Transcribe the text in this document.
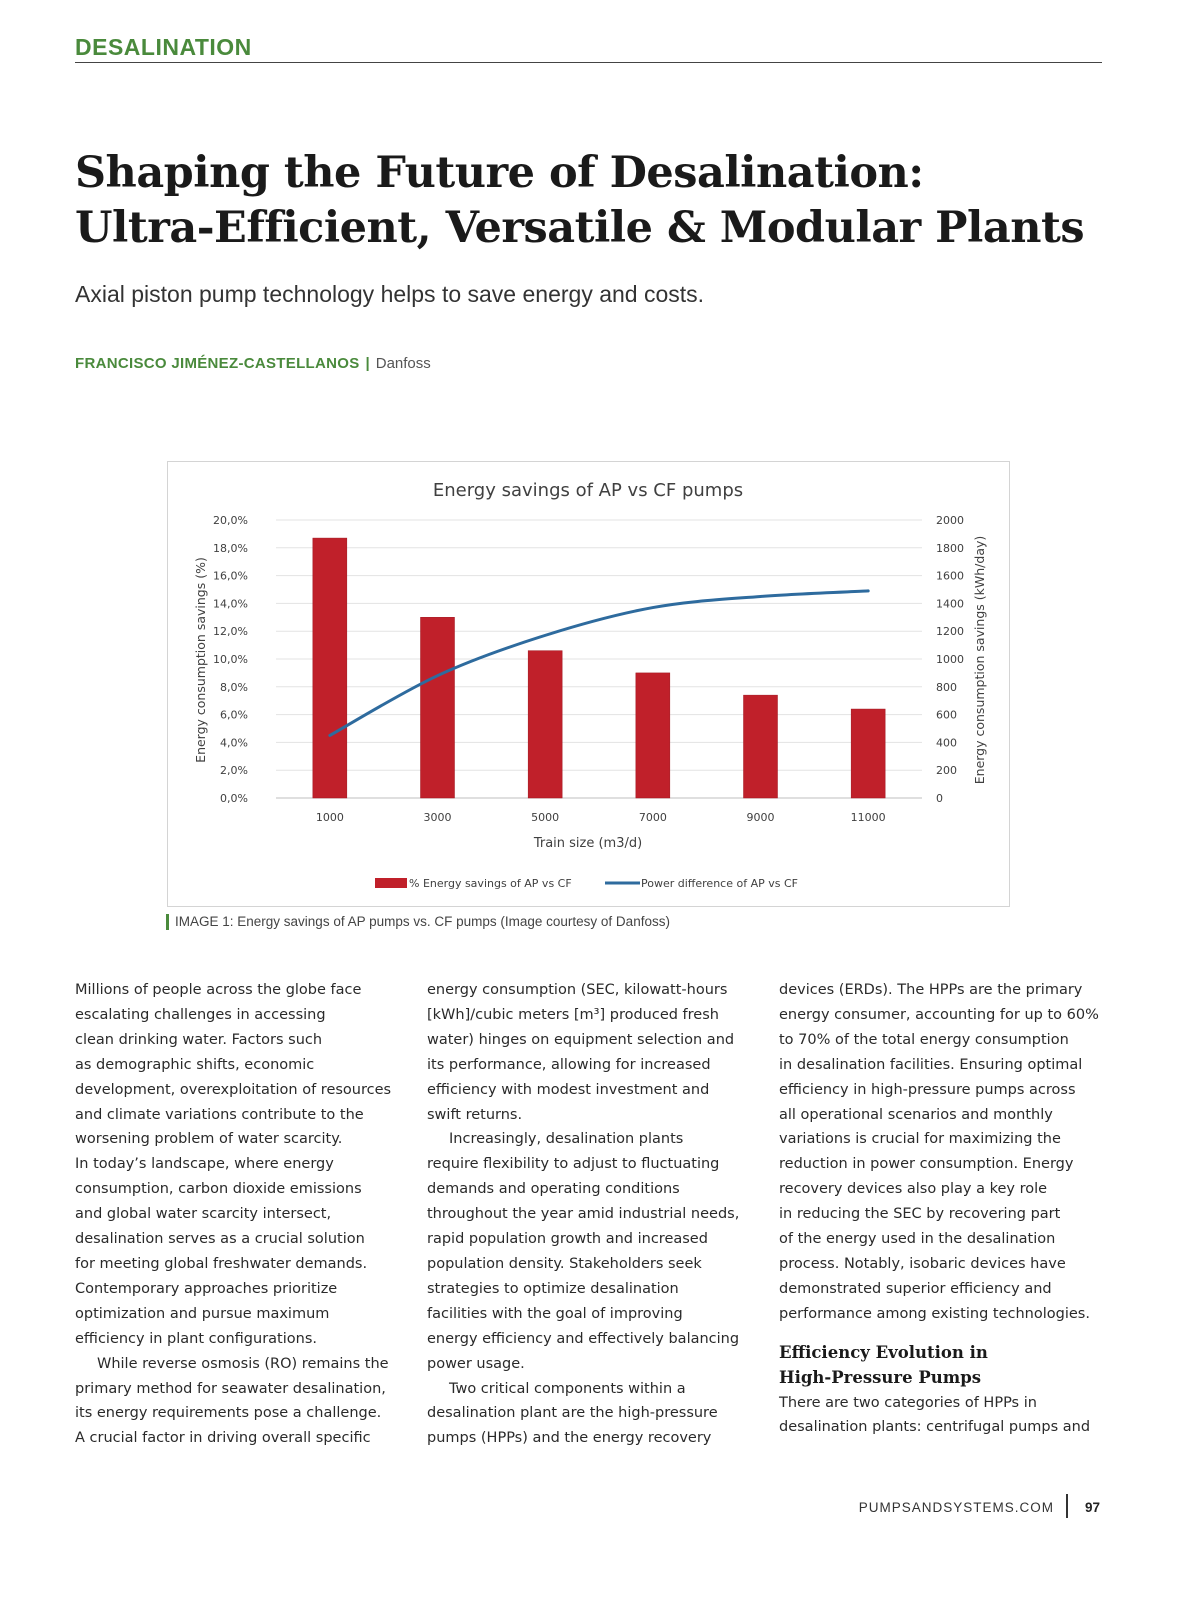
DESALINATION
Shaping the Future of Desalination:
Ultra-Efficient, Versatile & Modular Plants

Axial piston pump technology helps to save energy and costs.

FRANCISCO JIMÉNEZ-CASTELLANOS | Danfoss
Energy savings of AP vs CF pumps
0,0%
2,0%
4,0%
6,0%
8,0%
10,0%
12,0%
14,0%
16,0%
18,0%
20,0%
0
200
400
600
800
1000
1200
1400
1600
1800
2000
1000	3000	5000	7000	9000	11000
Train size (m3/d)
Energy consumption savings (%)	Energy consumption savings (kWh/day)
% Energy savings of AP vs CF	Power difference of AP vs CF
IMAGE 1: Energy savings of AP pumps vs. CF pumps (Image courtesy of Danfoss)

Millions of people across the globe face

escalating challenges in accessing

clean drinking water. Factors such

as demographic shifts, economic

development, overexploitation of resources

and climate variations contribute to the

worsening problem of water scarcity.

In today’s landscape, where energy

consumption, carbon dioxide emissions

and global water scarcity intersect,

desalination serves as a crucial solution

for meeting global freshwater demands.

Contemporary approaches prioritize

optimization and pursue maximum

efficiency in plant configurations.

While reverse osmosis (RO) remains the

primary method for seawater desalination,

its energy requirements pose a challenge.

A crucial factor in driving overall specific

energy consumption (SEC, kilowatt-hours

[kWh]/cubic meters [m³] produced fresh

water) hinges on equipment selection and

its performance, allowing for increased

efficiency with modest investment and

swift returns.

Increasingly, desalination plants

require flexibility to adjust to fluctuating

demands and operating conditions

throughout the year amid industrial needs,

rapid population growth and increased

population density. Stakeholders seek

strategies to optimize desalination

facilities with the goal of improving

energy efficiency and effectively balancing

power usage.

Two critical components within a

desalination plant are the high-pressure

pumps (HPPs) and the energy recovery

devices (ERDs). The HPPs are the primary

energy consumer, accounting for up to 60%

to 70% of the total energy consumption

in desalination facilities. Ensuring optimal

efficiency in high-pressure pumps across

all operational scenarios and monthly

variations is crucial for maximizing the

reduction in power consumption. Energy

recovery devices also play a key role

in reducing the SEC by recovering part

of the energy used in the desalination

process. Notably, isobaric devices have

demonstrated superior efficiency and

performance among existing technologies.

Efficiency Evolution in
High-Pressure Pumps

There are two categories of HPPs in

desalination plants: centrifugal pumps and

PUMPSANDSYSTEMS.COM 97
